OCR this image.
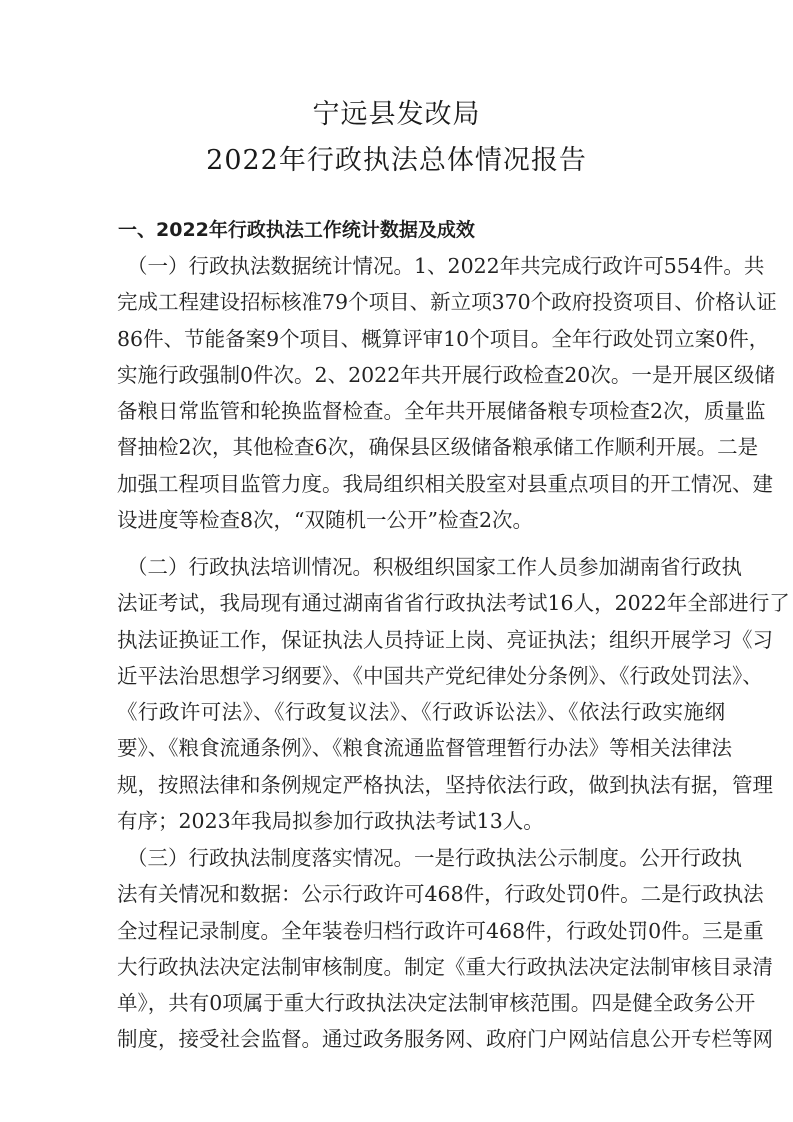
宁远县发改局
2022年行政执法总体情况报告
一、2022年行政执法工作统计数据及成效
（一）行政执法数据统计情况。1、2022年共完成行政许可554件。共
完成工程建设招标核准79个项目、新立项370个政府投资项目、价格认证
86件、节能备案9个项目、概算评审10个项目。全年行政处罚立案0件，
实施行政强制0件次。2、2022年共开展行政检查20次。一是开展区级储
备粮日常监管和轮换监督检查。全年共开展储备粮专项检查2次，质量监
督抽检2次，其他检查6次，确保县区级储备粮承储工作顺利开展。二是
加强工程项目监管力度。我局组织相关股室对县重点项目的开工情况、建
设进度等检查8次，“双随机一公开”检查2次。
（二）行政执法培训情况。积极组织国家工作人员参加湖南省行政执
法证考试，我局现有通过湖南省省行政执法考试16人，2022年全部进行了
执法证换证工作，保证执法人员持证上岗、亮证执法；组织开展学习《习
近平法治思想学习纲要》、《中国共产党纪律处分条例》、《行政处罚法》、
《行政许可法》、《行政复议法》、《行政诉讼法》、《依法行政实施纲
要》、《粮食流通条例》、《粮食流通监督管理暂行办法》等相关法律法
规，按照法律和条例规定严格执法，坚持依法行政，做到执法有据，管理
有序；2023年我局拟参加行政执法考试13人。
（三）行政执法制度落实情况。一是行政执法公示制度。公开行政执
法有关情况和数据：公示行政许可468件，行政处罚0件。二是行政执法
全过程记录制度。全年装卷归档行政许可468件，行政处罚0件。三是重
大行政执法决定法制审核制度。制定《重大行政执法决定法制审核目录清
单》，共有0项属于重大行政执法决定法制审核范围。四是健全政务公开
制度，接受社会监督。通过政务服务网、政府门户网站信息公开专栏等网
